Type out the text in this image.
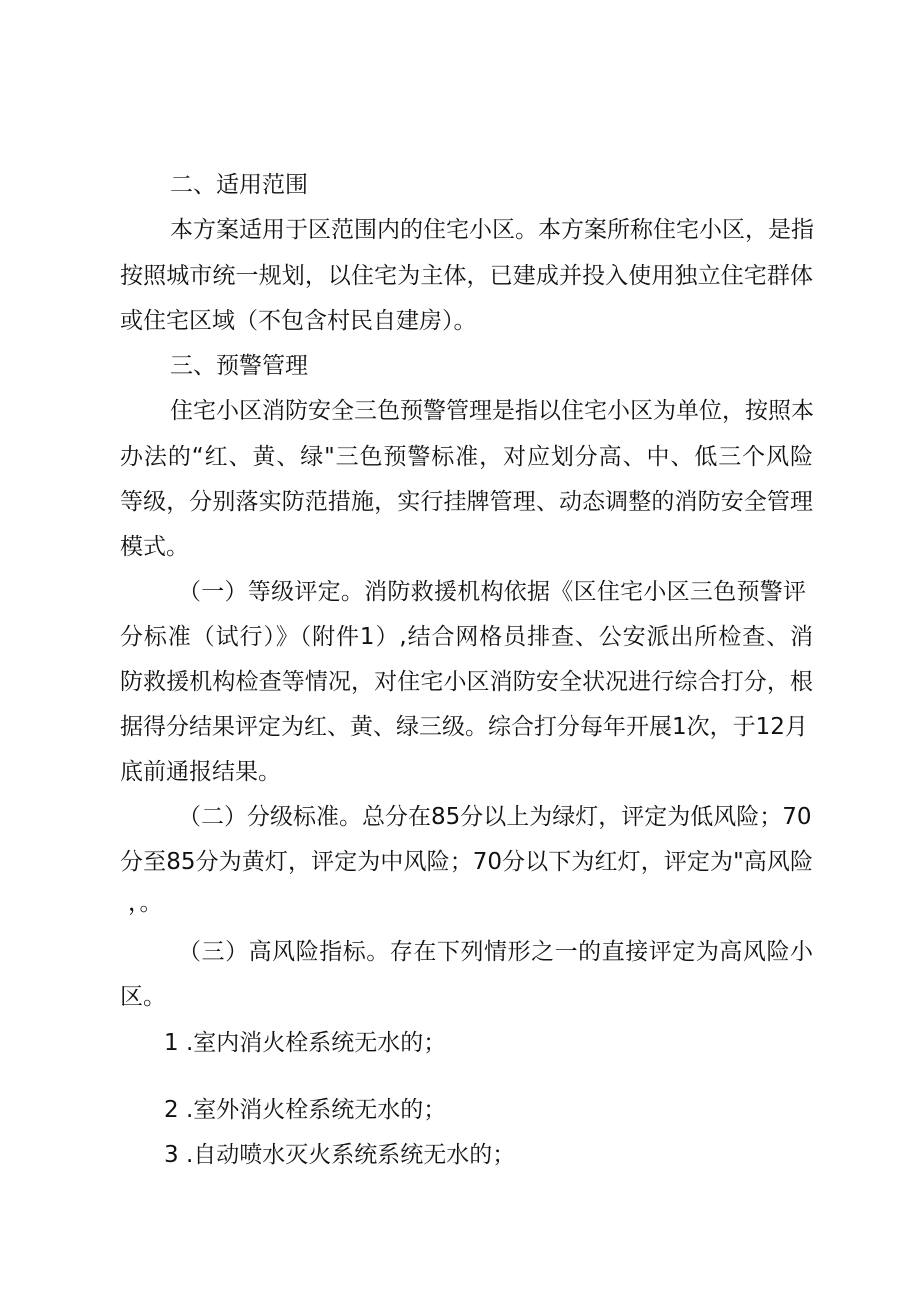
二、适用范围
本方案适用于区范围内的住宅小区。本方案所称住宅小区，是指
按照城市统一规划，以住宅为主体，已建成并投入使用独立住宅群体
或住宅区域（不包含村民自建房）。
三、预警管理
住宅小区消防安全三色预警管理是指以住宅小区为单位，按照本
办法的“红、黄、绿"三色预警标准，对应划分高、中、低三个风险
等级，分别落实防范措施，实行挂牌管理、动态调整的消防安全管理
模式。
（一）等级评定。消防救援机构依据《区住宅小区三色预警评
分标准（试行）》（附件1）,结合网格员排查、公安派出所检查、消
防救援机构检查等情况，对住宅小区消防安全状况进行综合打分，根
据得分结果评定为红、黄、绿三级。综合打分每年开展1次，于12月
底前通报结果。
（二）分级标准。总分在85分以上为绿灯，评定为低风险；70
分至85分为黄灯，评定为中风险；70分以下为红灯，评定为"高风险
，。
（三）高风险指标。存在下列情形之一的直接评定为高风险小
区。
1 .室内消火栓系统无水的；
2 .室外消火栓系统无水的；
3 .自动喷水灭火系统系统无水的；
